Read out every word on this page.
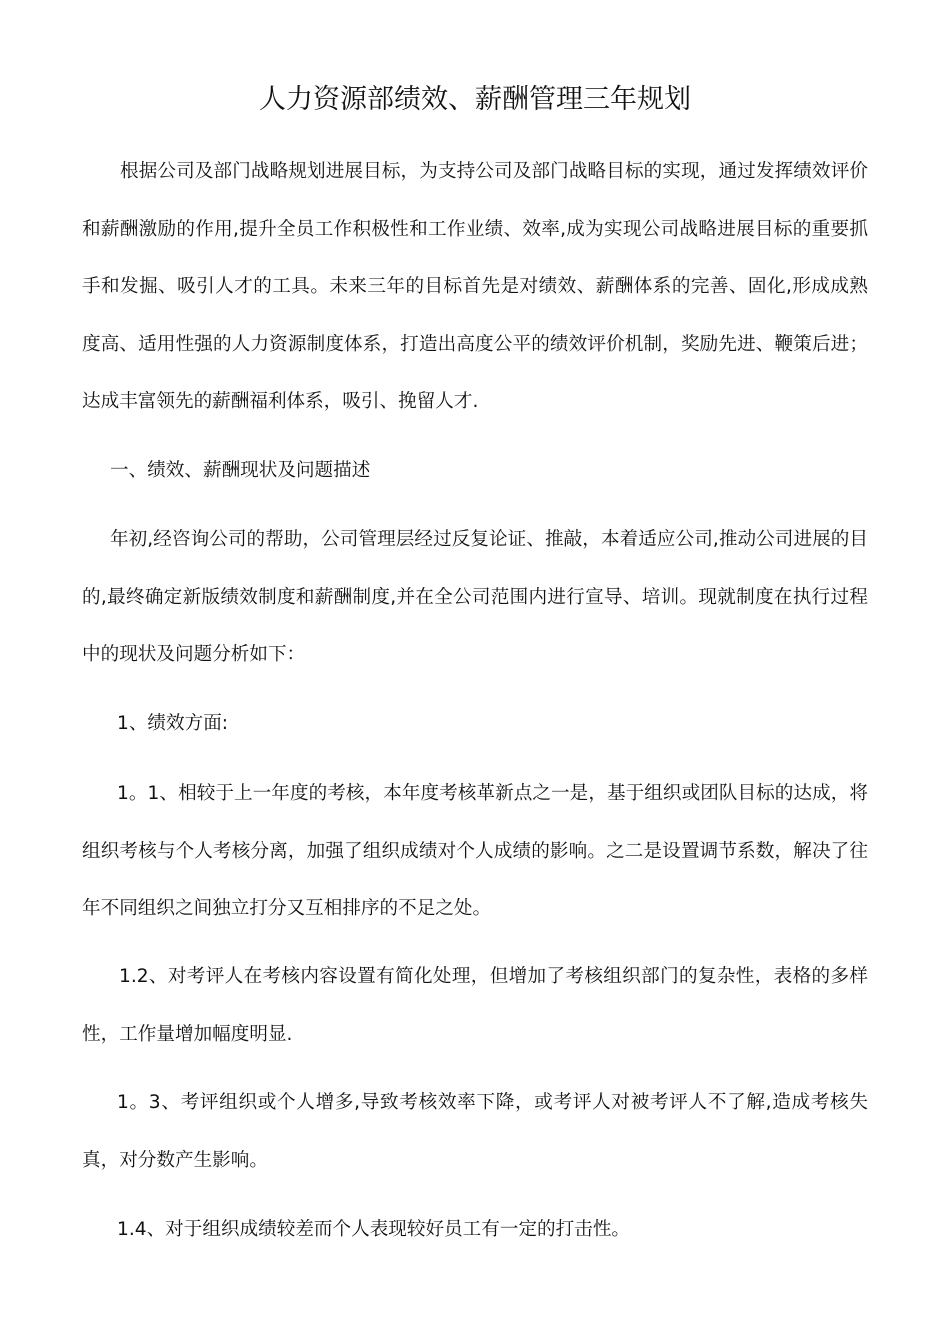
人力资源部绩效、薪酬管理三年规划

根据公司及部门战略规划进展目标，为支持公司及部门战略目标的实现，通过发挥绩效评价和薪酬激励的作用,提升全员工作积极性和工作业绩、效率,成为实现公司战略进展目标的重要抓手和发掘、吸引人才的工具。未来三年的目标首先是对绩效、薪酬体系的完善、固化,形成成熟度高、适用性强的人力资源制度体系，打造出高度公平的绩效评价机制，奖励先进、鞭策后进；达成丰富领先的薪酬福利体系，吸引、挽留人才.

一、绩效、薪酬现状及问题描述

年初,经咨询公司的帮助，公司管理层经过反复论证、推敲，本着适应公司,推动公司进展的目的,最终确定新版绩效制度和薪酬制度,并在全公司范围内进行宣导、培训。现就制度在执行过程中的现状及问题分析如下：

1、绩效方面:

1。1、相较于上一年度的考核，本年度考核革新点之一是，基于组织或团队目标的达成，将组织考核与个人考核分离，加强了组织成绩对个人成绩的影响。之二是设置调节系数，解决了往年不同组织之间独立打分又互相排序的不足之处。

1.2、对考评人在考核内容设置有简化处理，但增加了考核组织部门的复杂性，表格的多样性，工作量增加幅度明显.

1。3、考评组织或个人增多,导致考核效率下降，或考评人对被考评人不了解,造成考核失真，对分数产生影响。

1.4、对于组织成绩较差而个人表现较好员工有一定的打击性。
